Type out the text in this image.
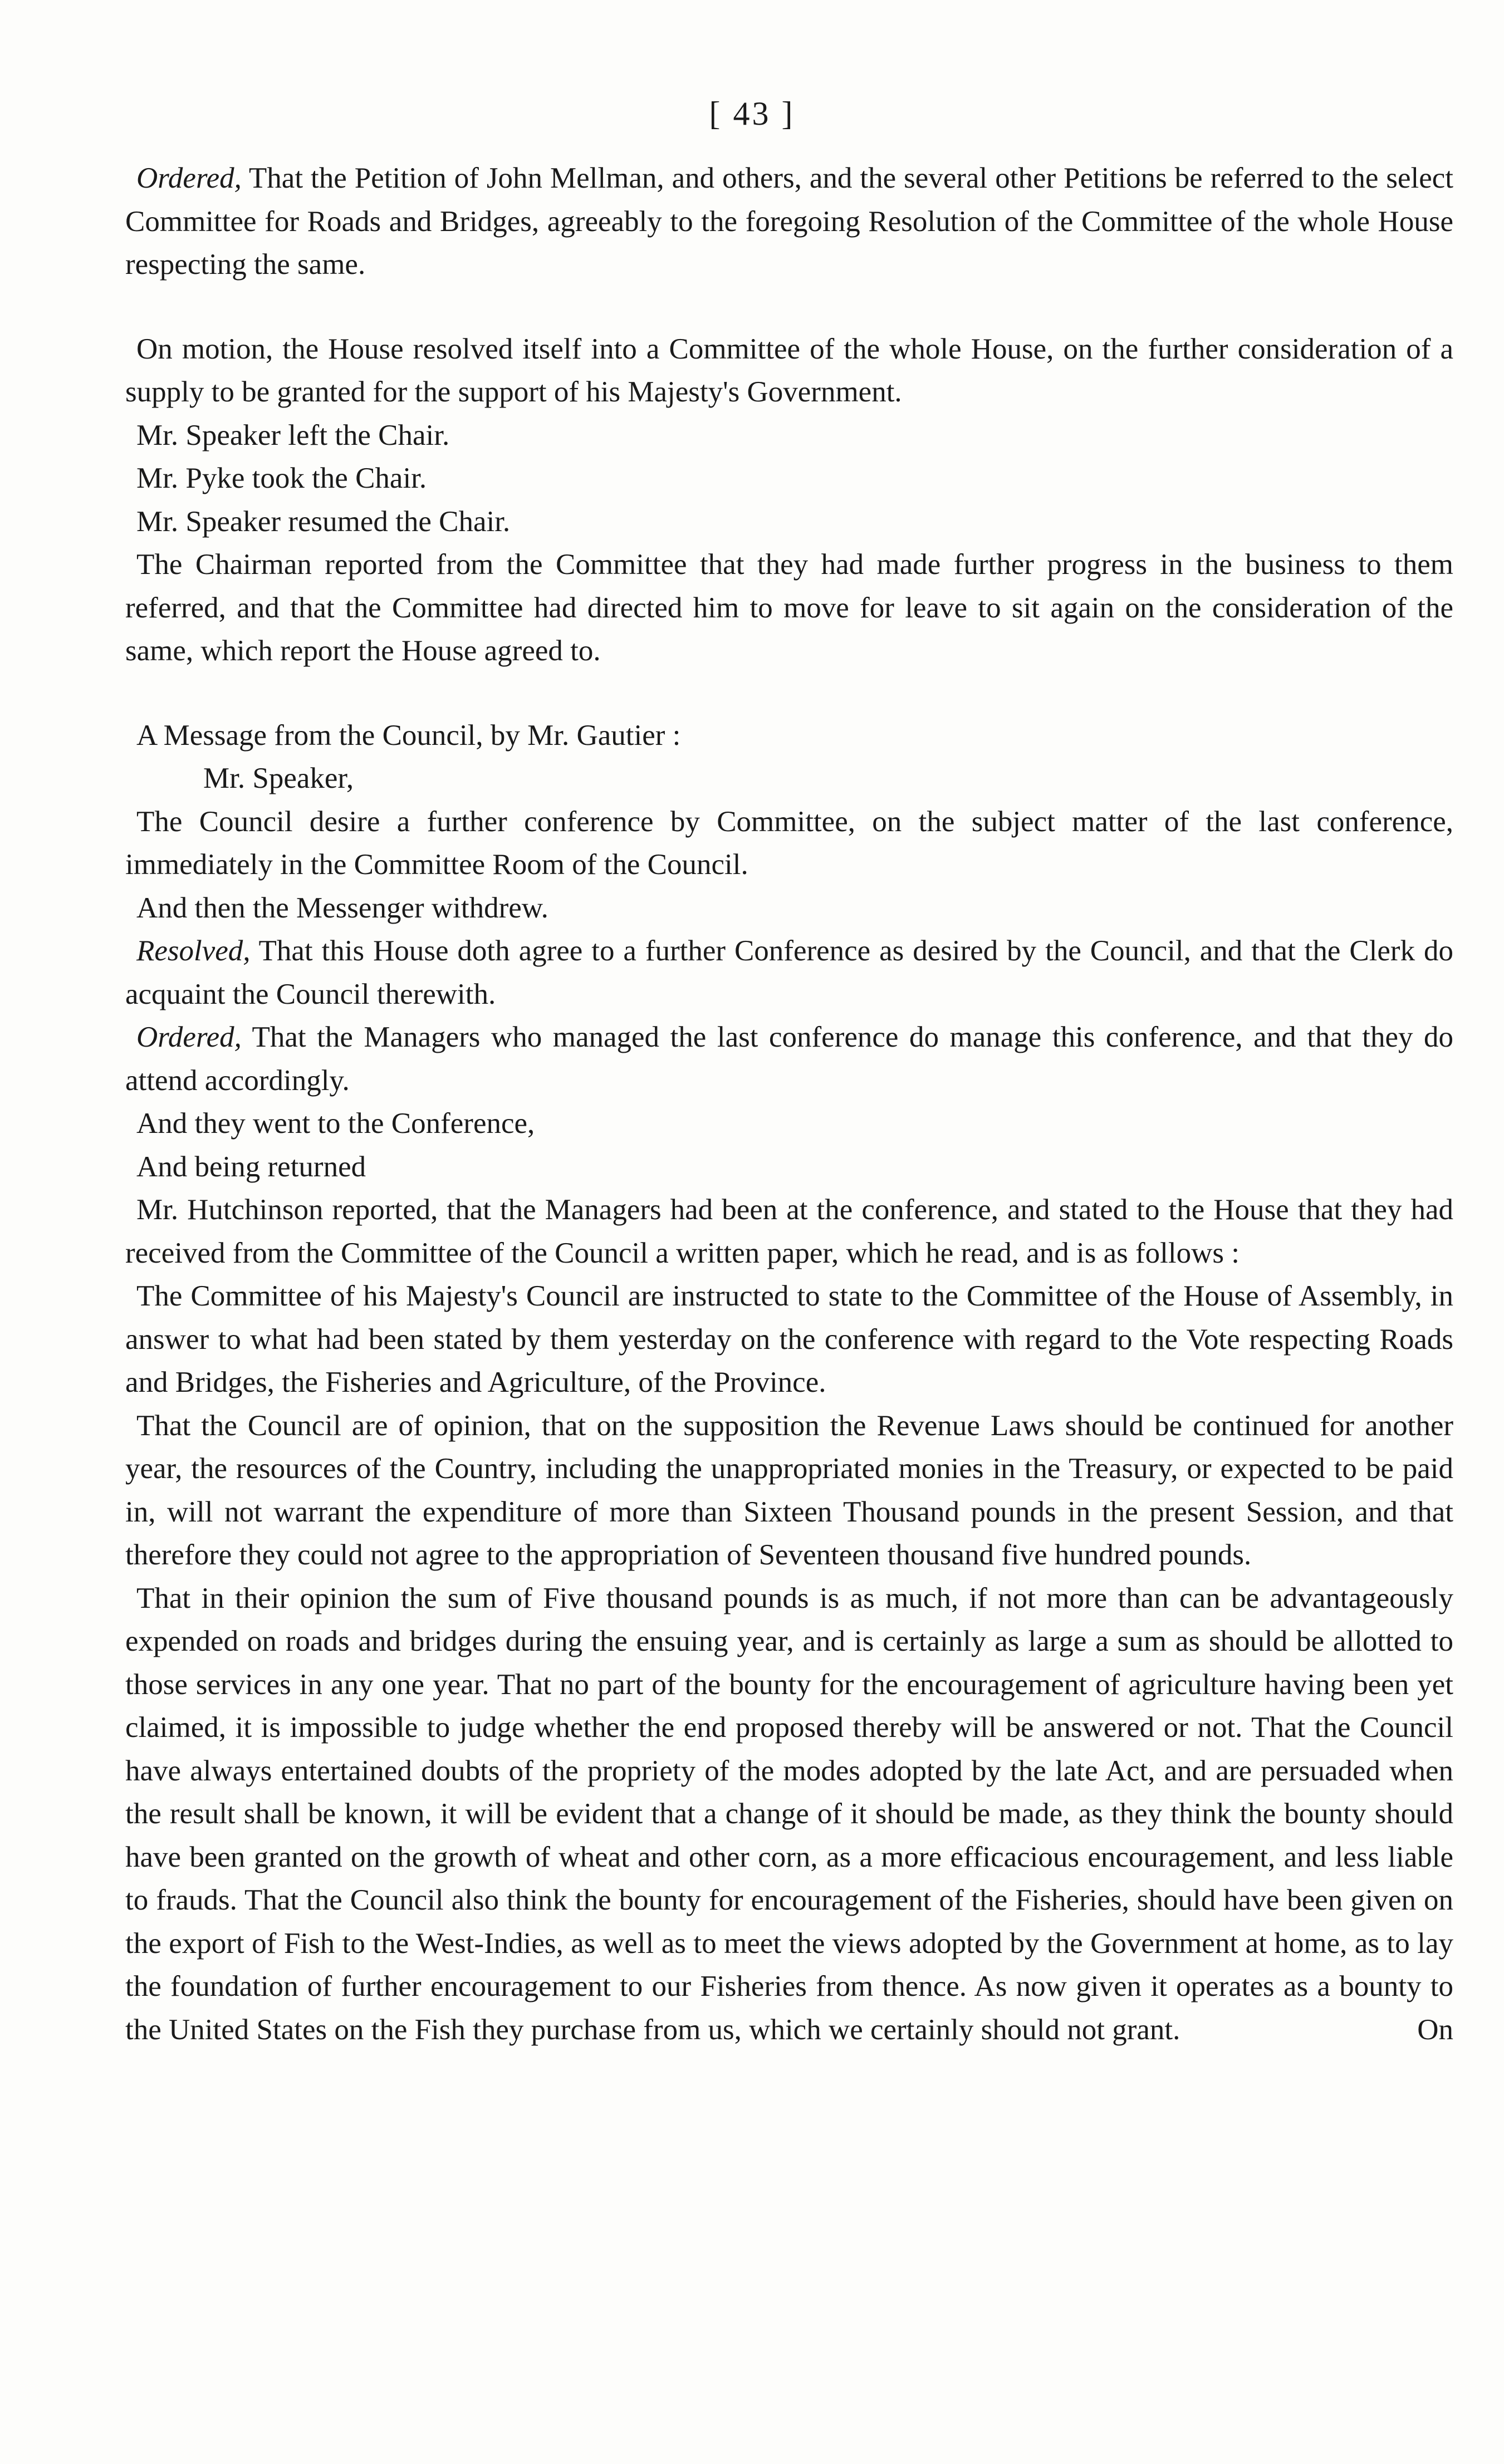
[ 43 ]

Ordered, That the Petition of John Mellman, and others, and the several other Petitions be referred to the select Committee for Roads and Bridges, agreeably to the foregoing Resolution of the Committee of the whole House respecting the same.

On motion, the House resolved itself into a Committee of the whole House, on the further consideration of a supply to be granted for the support of his Majesty's Government.

Mr. Speaker left the Chair.

Mr. Pyke took the Chair.

Mr. Speaker resumed the Chair.

The Chairman reported from the Committee that they had made further progress in the business to them referred, and that the Committee had directed him to move for leave to sit again on the consideration of the same, which report the House agreed to.

A Message from the Council, by Mr. Gautier :

Mr. Speaker,

The Council desire a further conference by Committee, on the subject matter of the last conference, immediately in the Committee Room of the Council.

And then the Messenger withdrew.

Resolved, That this House doth agree to a further Conference as desired by the Council, and that the Clerk do acquaint the Council therewith.

Ordered, That the Managers who managed the last conference do manage this conference, and that they do attend accordingly.

And they went to the Conference,

And being returned

Mr. Hutchinson reported, that the Managers had been at the conference, and stated to the House that they had received from the Committee of the Council a written paper, which he read, and is as follows :

The Committee of his Majesty's Council are instructed to state to the Committee of the House of Assembly, in answer to what had been stated by them yesterday on the conference with regard to the Vote respecting Roads and Bridges, the Fisheries and Agriculture, of the Province.

That the Council are of opinion, that on the supposition the Revenue Laws should be continued for another year, the resources of the Country, including the unappropriated monies in the Treasury, or expected to be paid in, will not warrant the expenditure of more than Sixteen Thousand pounds in the present Session, and that therefore they could not agree to the appropriation of Seventeen thousand five hundred pounds.

That in their opinion the sum of Five thousand pounds is as much, if not more than can be advantageously expended on roads and bridges during the ensuing year, and is certainly as large a sum as should be allotted to those services in any one year. That no part of the bounty for the encouragement of agriculture having been yet claimed, it is impossible to judge whether the end proposed thereby will be answered or not. That the Council have always entertained doubts of the propriety of the modes adopted by the late Act, and are persuaded when the result shall be known, it will be evident that a change of it should be made, as they think the bounty should have been granted on the growth of wheat and other corn, as a more efficacious encouragement, and less liable to frauds. That the Council also think the bounty for encouragement of the Fisheries, should have been given on the export of Fish to the West-Indies, as well as to meet the views adopted by the Government at home, as to lay the foundation of further encouragement to our Fisheries from thence. As now given it operates as a bounty to the United States on the Fish they purchase from us, which we certainly should not grant.	On
